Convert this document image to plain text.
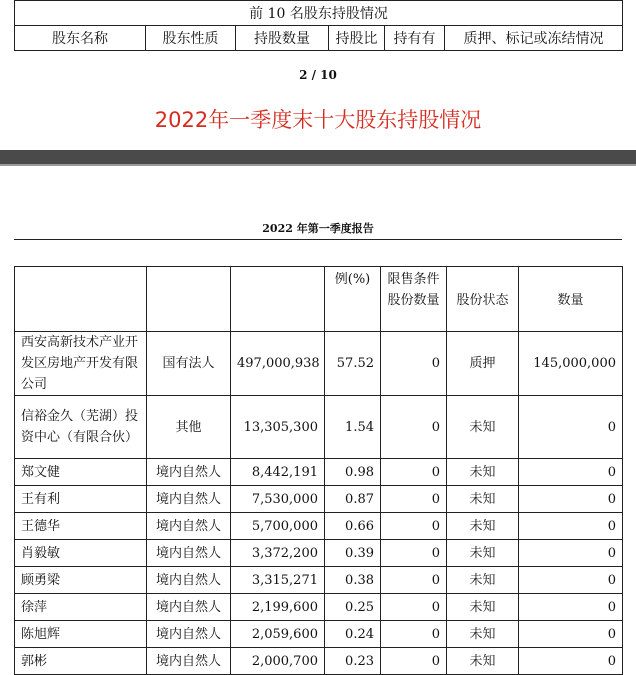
前 10 名股东持股情况
股东名称	股东性质	持股数量	持股比	持有有	质押、标记或冻结情况
2 / 10
2022年一季度末十大股东持股情况
2022 年第一季度报告
			例(%)	限售条件股份数量	股份状态	数量
西安高新技术产业开发区房地产开发有限公司	国有法人	497,000,938	57.52	0	质押	145,000,000
信裕金久（芜湖）投资中心（有限合伙）	其他	13,305,300	1.54	0	未知	0
郑文健	境内自然人	8,442,191	0.98	0	未知	0
王有利	境内自然人	7,530,000	0.87	0	未知	0
王德华	境内自然人	5,700,000	0.66	0	未知	0
肖毅敏	境内自然人	3,372,200	0.39	0	未知	0
顾勇梁	境内自然人	3,315,271	0.38	0	未知	0
徐萍	境内自然人	2,199,600	0.25	0	未知	0
陈旭辉	境内自然人	2,059,600	0.24	0	未知	0
郭彬	境内自然人	2,000,700	0.23	0	未知	0
